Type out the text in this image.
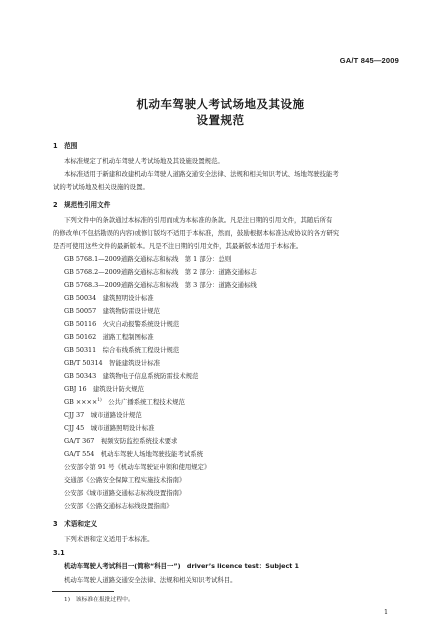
GA/T 845—2009
机动车驾驶人考试场地及其设施
设置规范
1　范围
本标准规定了机动车驾驶人考试场地及其设施设置规范。
本标准适用于新建和改建机动车驾驶人道路交通安全法律、法规和相关知识考试、场地驾驶技能考
试的考试场地及相关设施的设置。
2　规范性引用文件
下列文件中的条款通过本标准的引用而成为本标准的条款。凡是注日期的引用文件，其随后所有
的修改单(不包括勘误的内容)或修订版均不适用于本标准，然而，鼓励根据本标准达成协议的各方研究
是否可使用这些文件的最新版本。凡是不注日期的引用文件，其最新版本适用于本标准。
GB 5768.1—2009道路交通标志和标线　第 1 部分：总则
GB 5768.2—2009道路交通标志和标线　第 2 部分：道路交通标志
GB 5768.3—2009道路交通标志和标线　第 3 部分：道路交通标线
GB 50034　 建筑照明设计标准
GB 50057　 建筑物防雷设计规范
GB 50116　 火灾自动报警系统设计规范
GB 50162　 道路工程制图标准
GB 50311　 综合布线系统工程设计规范
GB/T 50314　 智能建筑设计标准
GB 50343　 建筑物电子信息系统防雷技术规范
GBJ 16　 建筑设计防火规范
GB ××××$^{1)}$　 公共广播系统工程技术规范
CJJ 37　 城市道路设计规范
CJJ 45　 城市道路照明设计标准
GA/T 367　 视频安防监控系统技术要求
GA/T 554　 机动车驾驶人场地驾驶技能考试系统
公安部令第 91 号《机动车驾驶证申领和使用规定》
交通部《公路安全保障工程实施技术指南》
公安部《城市道路交通标志标线设置指南》
公安部《公路交通标志标线设置指南》
3　术语和定义
下列术语和定义适用于本标准。
3.1
机动车驾驶人考试科目一(简称“科目一”)　driver’s licence test：Subject 1
机动车驾驶人道路交通安全法律、法规和相关知识考试科目。
1)　 该标准在报批过程中。
1
